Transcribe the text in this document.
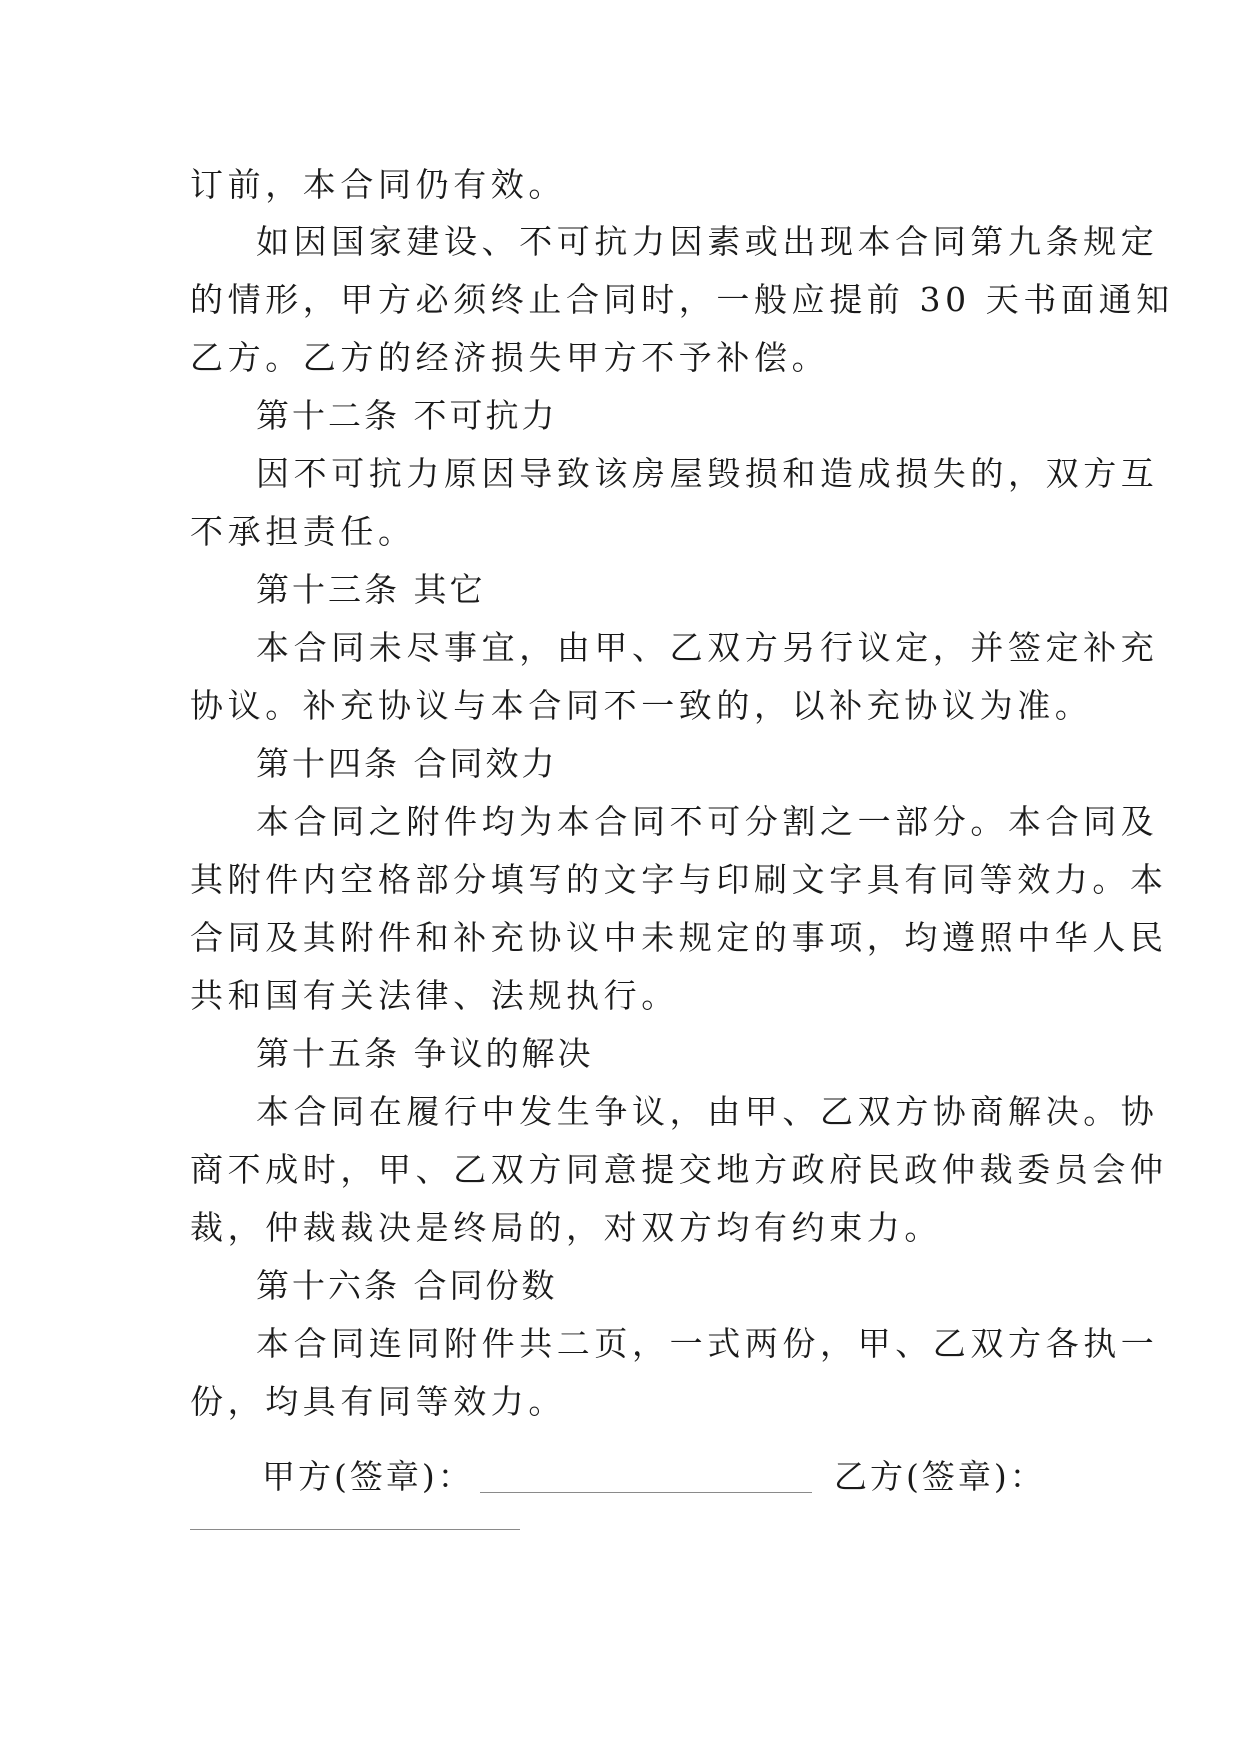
订前，本合同仍有效。
如因国家建设、不可抗力因素或出现本合同第九条规定
的情形，甲方必须终止合同时，一般应提前 30 天书面通知
乙方。乙方的经济损失甲方不予补偿。
第十二条 不可抗力
因不可抗力原因导致该房屋毁损和造成损失的，双方互
不承担责任。
第十三条 其它
本合同未尽事宜，由甲、乙双方另行议定，并签定补充
协议。补充协议与本合同不一致的，以补充协议为准。
第十四条 合同效力
本合同之附件均为本合同不可分割之一部分。本合同及
其附件内空格部分填写的文字与印刷文字具有同等效力。本
合同及其附件和补充协议中未规定的事项，均遵照中华人民
共和国有关法律、法规执行。
第十五条 争议的解决
本合同在履行中发生争议，由甲、乙双方协商解决。协
商不成时，甲、乙双方同意提交地方政府民政仲裁委员会仲
裁，仲裁裁决是终局的，对双方均有约束力。
第十六条 合同份数
本合同连同附件共二页，一式两份，甲、乙双方各执一
份，均具有同等效力。
甲方(签章)：	乙方(签章)：
